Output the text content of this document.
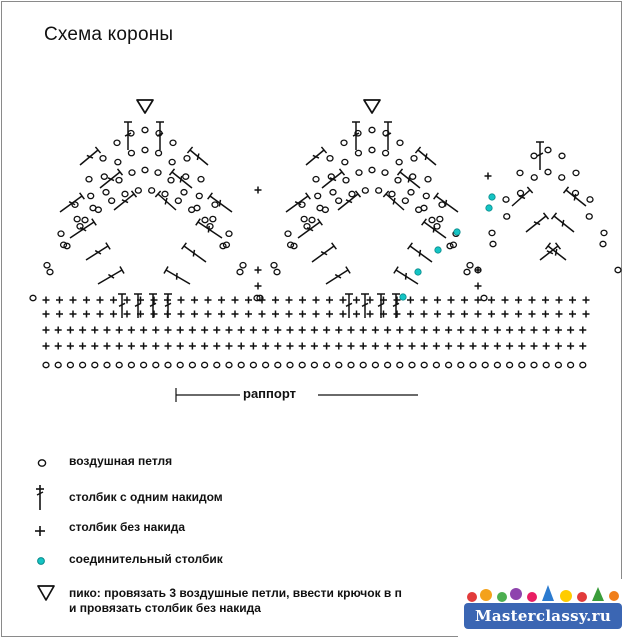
Схема короны
раппорт
воздушная петля
столбик с одним накидом
столбик без накида
соединительный столбик
пико: провязать 3 воздушные петли, ввести крючок в п
и провязать столбик без накида	Masterclassy.ru
